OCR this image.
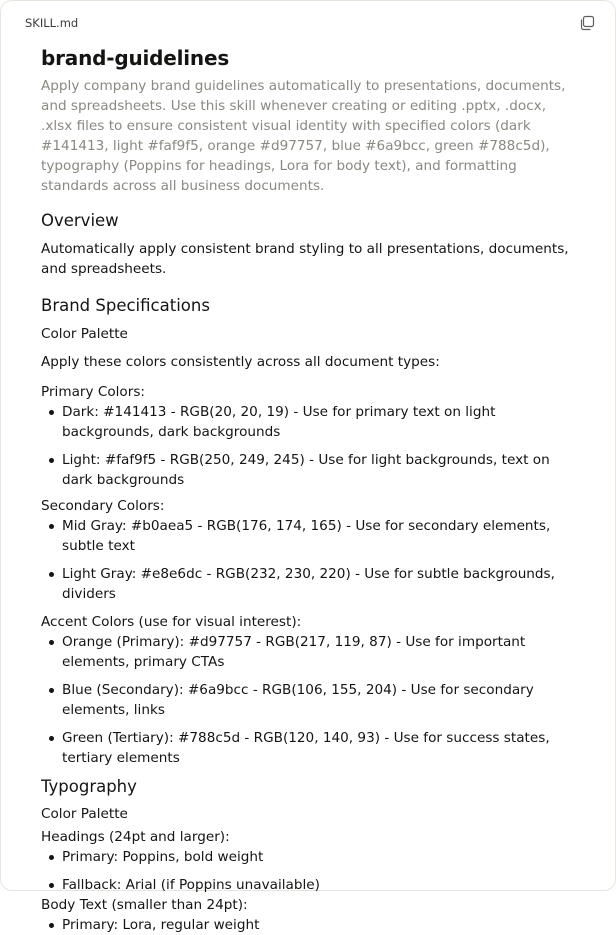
SKILL.md
brand-guidelines

Apply company brand guidelines automatically to presentations, documents, and spreadsheets. Use this skill whenever creating or editing .pptx, .docx, .xlsx files to ensure consistent visual identity with specified colors (dark #141413, light #faf9f5, orange #d97757, blue #6a9bcc, green #788c5d), typography (Poppins for headings, Lora for body text), and formatting standards across all business documents.

Overview

Automatically apply consistent brand styling to all presentations, documents, and spreadsheets.

Brand Specifications

Color Palette

Apply these colors consistently across all document types:

Primary Colors:

Dark: #141413 - RGB(20, 20, 19) - Use for primary text on light backgrounds, dark backgrounds
Light: #faf9f5 - RGB(250, 249, 245) - Use for light backgrounds, text on dark backgrounds

Secondary Colors:

Mid Gray: #b0aea5 - RGB(176, 174, 165) - Use for secondary elements, subtle text
Light Gray: #e8e6dc - RGB(232, 230, 220) - Use for subtle backgrounds, dividers

Accent Colors (use for visual interest):

Orange (Primary): #d97757 - RGB(217, 119, 87) - Use for important elements, primary CTAs
Blue (Secondary): #6a9bcc - RGB(106, 155, 204) - Use for secondary elements, links
Green (Tertiary): #788c5d - RGB(120, 140, 93) - Use for success states, tertiary elements
Typography

Color Palette

Headings (24pt and larger):

Primary: Poppins, bold weight
Fallback: Arial (if Poppins unavailable)

Body Text (smaller than 24pt):

Primary: Lora, regular weight
